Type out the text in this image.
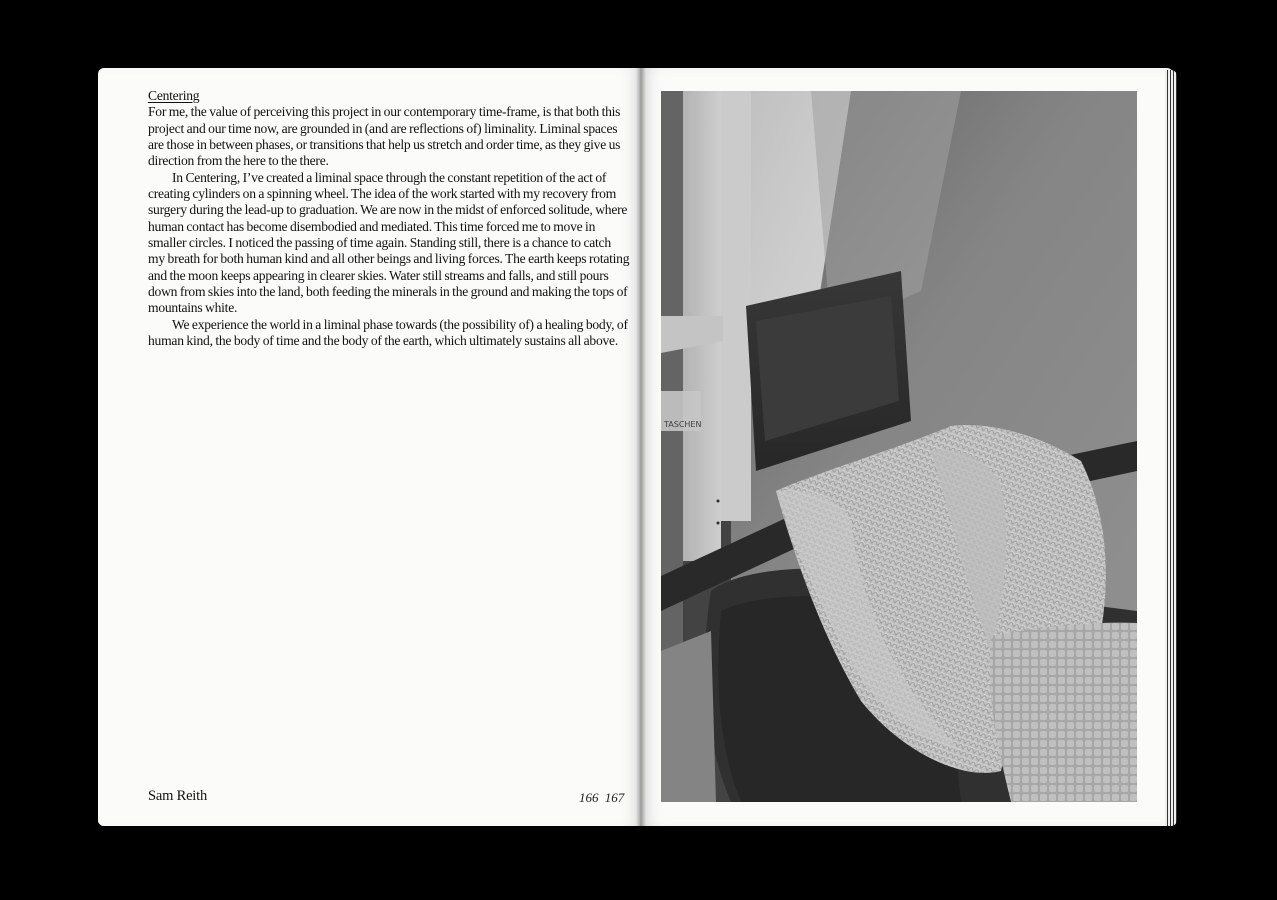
Centering

For me, the value of perceiving this project in our contemporary time-frame, is that both this project and our time now, are grounded in (and are reflections of) liminality. Liminal spaces are those in between phases, or transitions that help us stretch and order time, as they give us direction from the here to the there.

In Centering, I’ve created a liminal space through the constant repetition of the act of creating cylinders on a spinning wheel. The idea of the work started with my recovery from surgery during the lead-up to graduation. We are now in the midst of enforced solitude, where human contact has become disembodied and mediated. This time forced me to move in smaller circles. I noticed the passing of time again. Standing still, there is a chance to catch my breath for both human kind and all other beings and living forces. The earth keeps rotating and the moon keeps appearing in clearer skies. Water still streams and falls, and still pours down from skies into the land, both feeding the minerals in the ground and making the tops of mountains white.

We experience the world in a liminal phase towards (the possibility of) a healing body, of human kind, the body of time and the body of the earth, which ultimately sustains all above.

Sam Reith	166 167
TASCHEN
